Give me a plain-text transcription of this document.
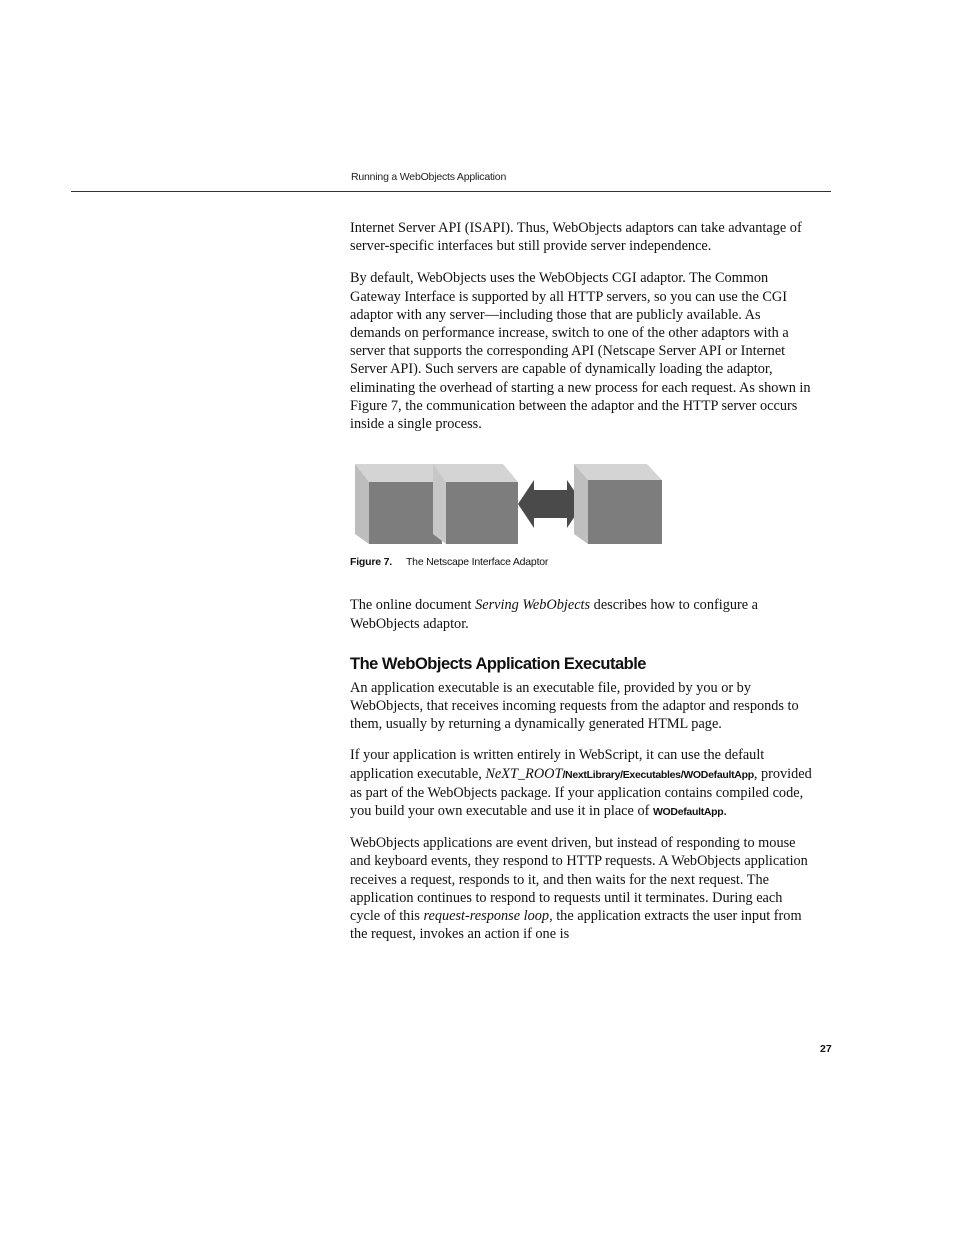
Running a WebObjects Application

Internet Server API (ISAPI). Thus, WebObjects adaptors can take advantage of server-specific interfaces but still provide server independence.

By default, WebObjects uses the WebObjects CGI adaptor. The Common Gateway Interface is supported by all HTTP servers, so you can use the CGI adaptor with any server—including those that are publicly available. As demands on performance increase, switch to one of the other adaptors with a server that supports the corresponding API (Netscape Server API or Internet Server API). Such servers are capable of dynamically loading the adaptor, eliminating the overhead of starting a new process for each request. As shown in Figure 7, the communication between the adaptor and the HTTP server occurs inside a single process.

Figure 7. The Netscape Interface Adaptor

The online document Serving WebObjects describes how to configure a WebObjects adaptor.

The WebObjects Application Executable

An application executable is an executable file, provided by you or by WebObjects, that receives incoming requests from the adaptor and responds to them, usually by returning a dynamically generated HTML page.

If your application is written entirely in WebScript, it can use the default application executable, NeXT_ROOT/NextLibrary/Executables/WODefaultApp, provided as part of the WebObjects package. If your application contains compiled code, you build your own executable and use it in place of WODefaultApp.

WebObjects applications are event driven, but instead of responding to mouse and keyboard events, they respond to HTTP requests. A WebObjects application receives a request, responds to it, and then waits for the next request. The application continues to respond to requests until it terminates. During each cycle of this request-response loop, the application extracts the user input from the request, invokes an action if one is

27
